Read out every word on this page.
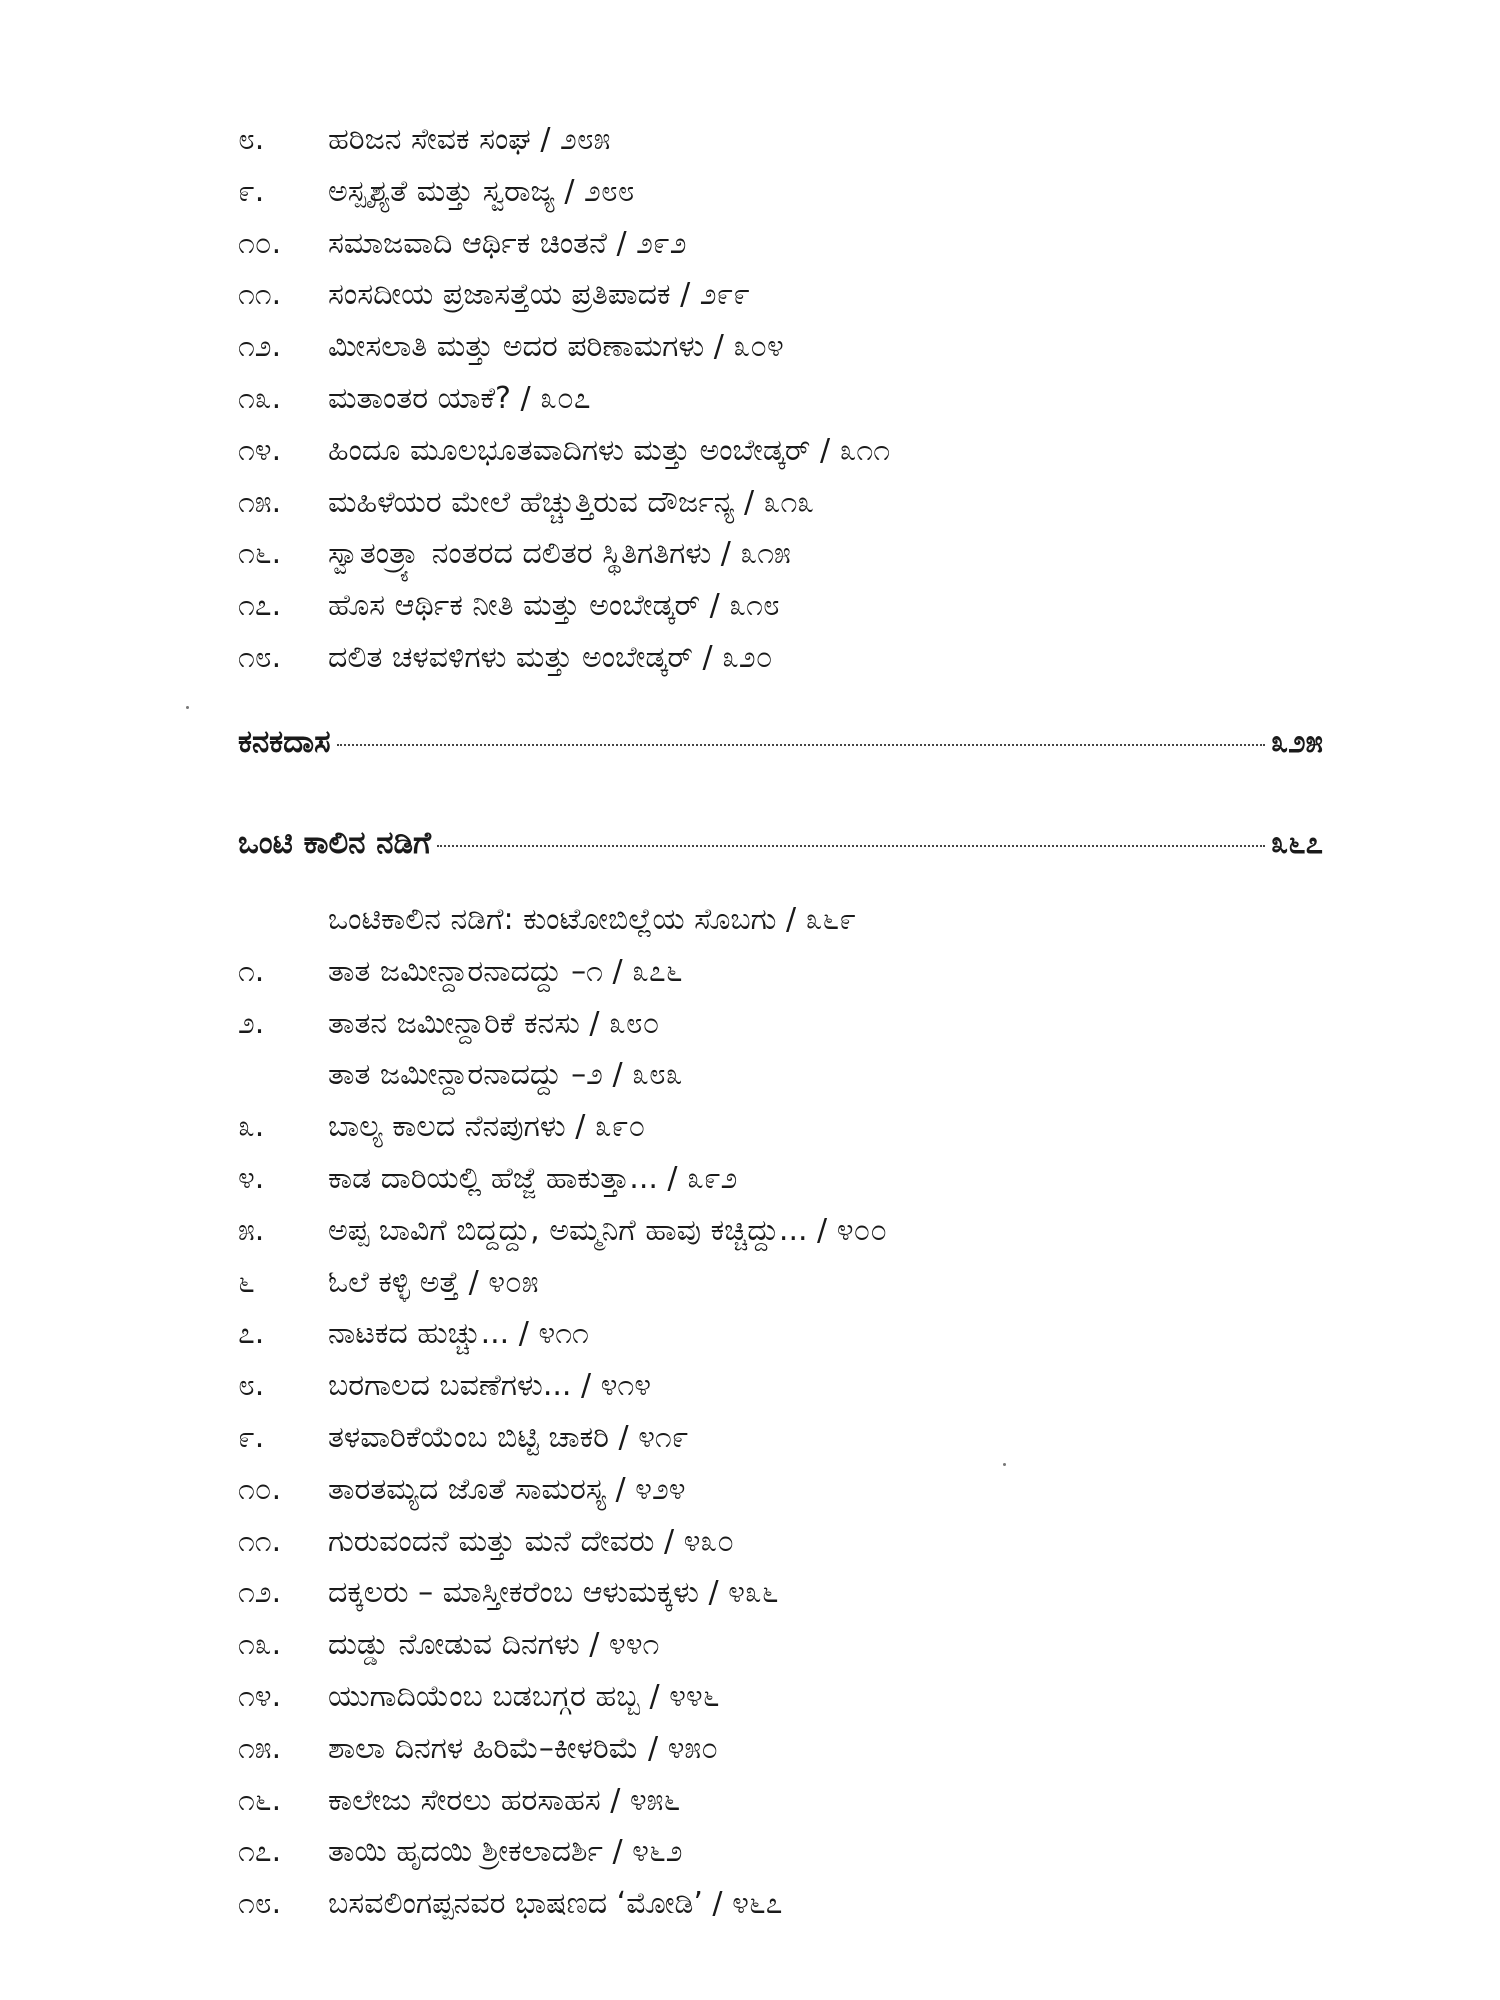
೮.	ಹರಿಜನ ಸೇವಕ ಸಂಘ / ೨೮೫
೯.	ಅಸ್ಪೃಶ್ಯತೆ ಮತ್ತು ಸ್ವರಾಜ್ಯ / ೨೮೮
೧೦.	ಸಮಾಜವಾದಿ ಆರ್ಥಿಕ ಚಿಂತನೆ / ೨೯೨
೧೧.	ಸಂಸದೀಯ ಪ್ರಜಾಸತ್ತೆಯ ಪ್ರತಿಪಾದಕ / ೨೯೯
೧೨.	ಮೀಸಲಾತಿ ಮತ್ತು ಅದರ ಪರಿಣಾಮಗಳು / ೩೦೪
೧೩.	ಮತಾಂತರ ಯಾಕೆ? / ೩೦೭
೧೪.	ಹಿಂದೂ ಮೂಲಭೂತವಾದಿಗಳು ಮತ್ತು ಅಂಬೇಡ್ಕರ್ / ೩೧೧
೧೫.	ಮಹಿಳೆಯರ ಮೇಲೆ ಹೆಚ್ಚುತ್ತಿರುವ ದೌರ್ಜನ್ಯ / ೩೧೩
೧೬.	ಸ್ವಾತಂತ್ರ್ಯಾ ನಂತರದ ದಲಿತರ ಸ್ಥಿತಿಗತಿಗಳು / ೩೧೫
೧೭.	ಹೊಸ ಆರ್ಥಿಕ ನೀತಿ ಮತ್ತು ಅಂಬೇಡ್ಕರ್ / ೩೧೮
೧೮.	ದಲಿತ ಚಳವಳಿಗಳು ಮತ್ತು ಅಂಬೇಡ್ಕರ್ / ೩೨೦
ಕನಕದಾಸ	೩೨೫
ಒಂಟಿ ಕಾಲಿನ ನಡಿಗೆ	೩೬೭
ಒಂಟಿಕಾಲಿನ ನಡಿಗೆ: ಕುಂಟೋಬಿಲ್ಲೆಯ ಸೊಬಗು / ೩೬೯
೧.	ತಾತ ಜಮೀನ್ದಾರನಾದದ್ದು –೧ / ೩೭೬
೨.	ತಾತನ ಜಮೀನ್ದಾರಿಕೆ ಕನಸು / ೩೮೦
ತಾತ ಜಮೀನ್ದಾರನಾದದ್ದು –೨ / ೩೮೩
೩.	ಬಾಲ್ಯ ಕಾಲದ ನೆನಪುಗಳು / ೩೯೦
೪.	ಕಾಡ ದಾರಿಯಲ್ಲಿ ಹೆಜ್ಜೆ ಹಾಕುತ್ತಾ... / ೩೯೨
೫.	ಅಪ್ಪ ಬಾವಿಗೆ ಬಿದ್ದದ್ದು, ಅಮ್ಮನಿಗೆ ಹಾವು ಕಚ್ಚಿದ್ದು... / ೪೦೦
೬	ಓಲೆ ಕಳ್ಳಿ ಅತ್ತೆ / ೪೦೫
೭.	ನಾಟಕದ ಹುಚ್ಚು... / ೪೧೧
೮.	ಬರಗಾಲದ ಬವಣೆಗಳು... / ೪೧೪
೯.	ತಳವಾರಿಕೆಯೆಂಬ ಬಿಟ್ಟಿ ಚಾಕರಿ / ೪೧೯
೧೦.	ತಾರತಮ್ಯದ ಜೊತೆ ಸಾಮರಸ್ಯ / ೪೨೪
೧೧.	ಗುರುವಂದನೆ ಮತ್ತು ಮನೆ ದೇವರು / ೪೩೦
೧೨.	ದಕ್ಕಲರು – ಮಾಸ್ತೀಕರೆಂಬ ಆಳುಮಕ್ಕಳು / ೪೩೬
೧೩.	ದುಡ್ಡು ನೋಡುವ ದಿನಗಳು / ೪೪೧
೧೪.	ಯುಗಾದಿಯೆಂಬ ಬಡಬಗ್ಗರ ಹಬ್ಬ / ೪೪೬
೧೫.	ಶಾಲಾ ದಿನಗಳ ಹಿರಿಮೆ–ಕೀಳರಿಮೆ / ೪೫೦
೧೬.	ಕಾಲೇಜು ಸೇರಲು ಹರಸಾಹಸ / ೪೫೬
೧೭.	ತಾಯಿ ಹೃದಯಿ ಶ್ರೀಕಲಾದರ್ಶಿ / ೪೬೨
೧೮.	ಬಸವಲಿಂಗಪ್ಪನವರ ಭಾಷಣದ ‘ಮೋಡಿ’ / ೪೬೭
